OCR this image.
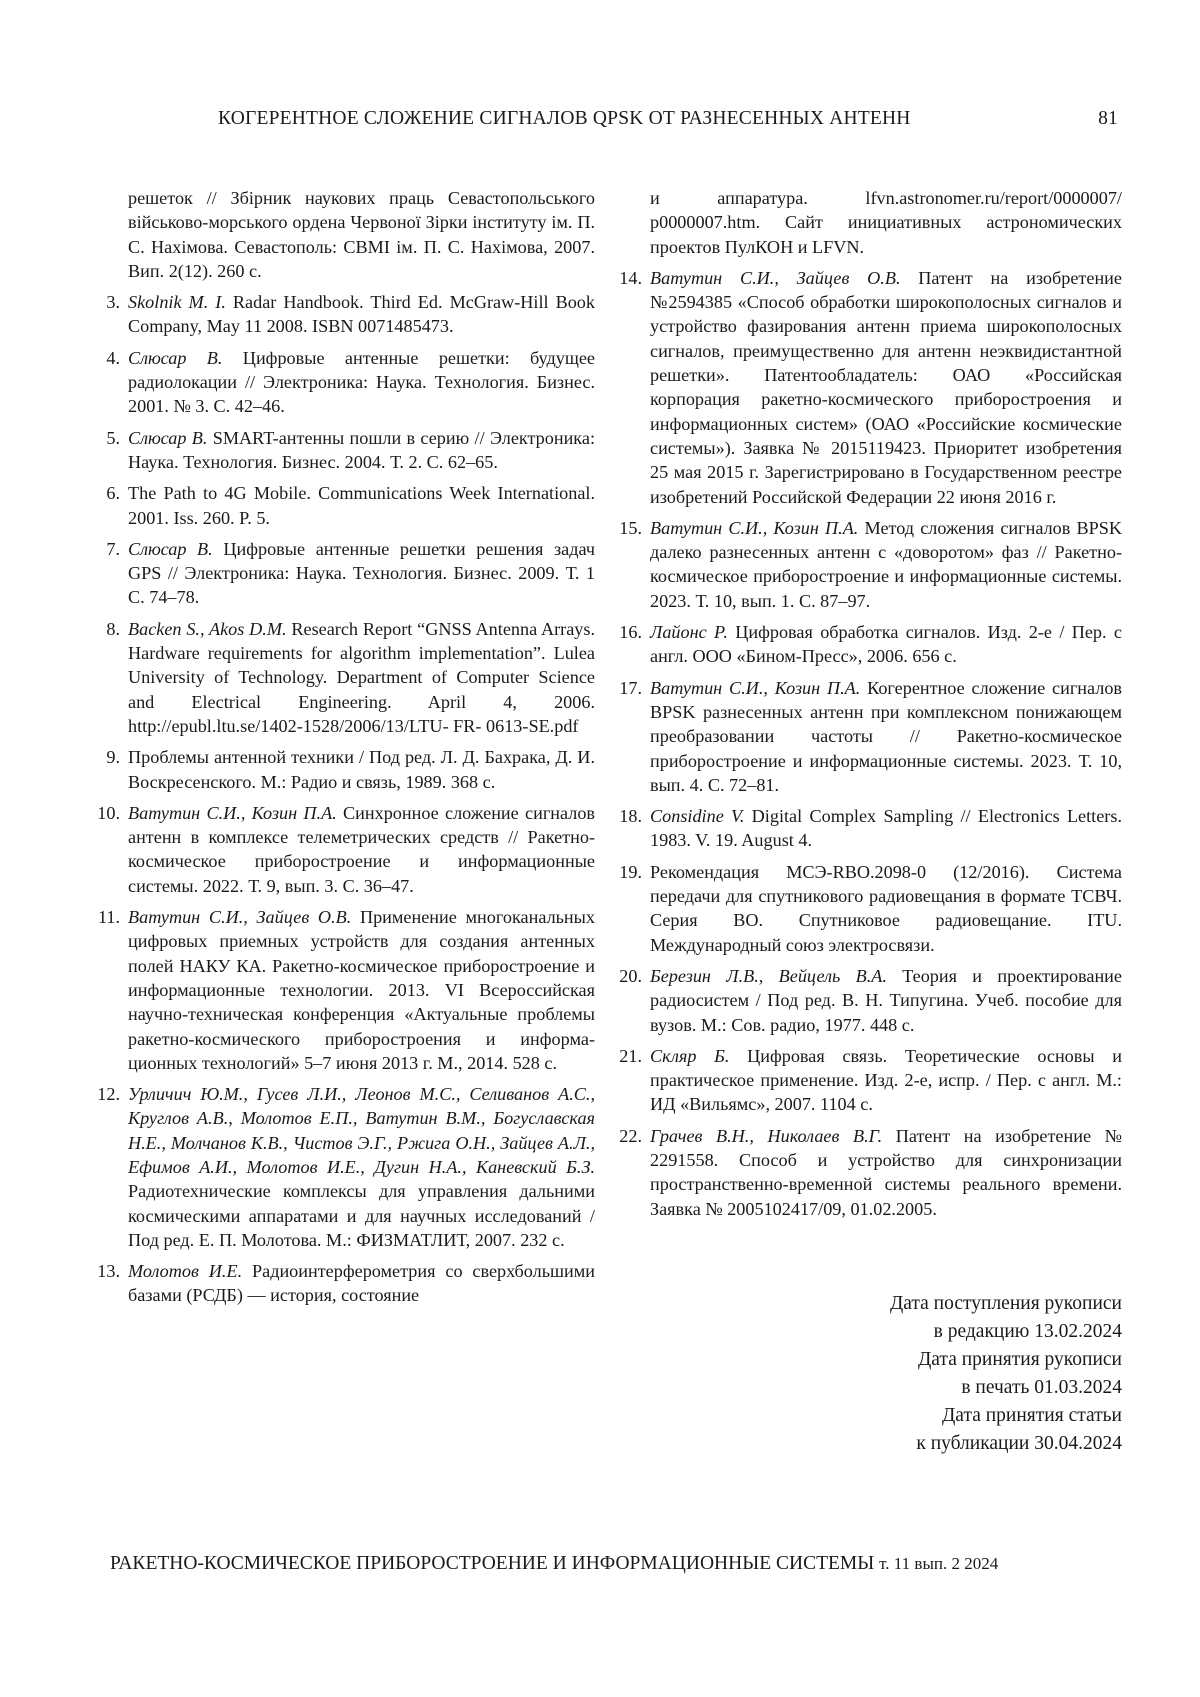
КОГЕРЕНТНОЕ СЛОЖЕНИЕ СИГНАЛОВ QPSK ОТ РАЗНЕСЕННЫХ АНТЕНН	81
решеток // Збірник наукових праць Севастопольського військово-морського ордена Червоної Зірки інституту ім. П. С. Нахімова. Севастополь: СВМІ ім. П. С. Нахімова, 2007. Вип. 2(12). 260 с.
3. Skolnik M. I. Radar Handbook. Third Ed. McGraw-Hill Book Company, May 11 2008. ISBN 0071485473.
4. Слюсар В. Цифровые антенные решетки: будущее радиолокации // Электроника: Наука. Технология. Бизнес. 2001. № 3. С. 42–46.
5. Слюсар В. SMART-антенны пошли в серию // Электроника: Наука. Технология. Бизнес. 2004. Т. 2. С. 62–65.
6. The Path to 4G Mobile. Communications Week International. 2001. Iss. 260. P. 5.
7. Слюсар В. Цифровые антенные решетки решения задач GPS // Электроника: Наука. Технология. Бизнес. 2009. Т. 1 С. 74–78.
8. Backen S., Akos D.M. Research Report “GNSS Antenna Arrays. Hardware requirements for algorithm implementation”. Lulea University of Technology. Department of Computer Science and Electrical Engineering. April 4, 2006. http://epubl.ltu.se/1402-1528/2006/13/LTU- FR- 0613-SE.pdf
9. Проблемы антенной техники / Под ред. Л. Д. Бахрака, Д. И. Воскресенского. М.: Радио и связь, 1989. 368 с.
10. Ватутин С.И., Козин П.А. Синхронное сложение сигналов антенн в комплексе телеметрических средств // Ракетно-космическое приборостроение и информационные системы. 2022. Т. 9, вып. 3. С. 36–47.
11. Ватутин С.И., Зайцев О.В. Применение многоканальных цифровых приемных устройств для создания антенных полей НАКУ КА. Ракетно-космическое приборостроение и информационные технологии. 2013. VI Всероссийская научно-техническая конференция «Актуальные проблемы ракетно-космического приборостроения и информационных технологий» 5–7 июня 2013 г. М., 2014. 528 с.
12. Урличич Ю.М., Гусев Л.И., Леонов М.С., Селиванов А.С., Круглов А.В., Молотов Е.П., Ватутин В.М., Богуславская Н.Е., Молчанов К.В., Чистов Э.Г., Ржига О.Н., Зайцев А.Л., Ефимов А.И., Молотов И.Е., Дугин Н.А., Каневский Б.З. Радиотехнические комплексы для управления дальними космическими аппаратами и для научных исследований / Под ред. Е. П. Молотова. М.: ФИЗМАТЛИТ, 2007. 232 с.
13. Молотов И.Е. Радиоинтерферометрия со сверхбольшими базами (РСДБ) — история, состояние
и аппаратура. lfvn.astronomer.ru/report/0000007/ p0000007.htm. Сайт инициативных астрономических проектов ПулКОН и LFVN.
14. Ватутин С.И., Зайцев О.В. Патент на изобретение №2594385 «Способ обработки широкополосных сигналов и устройство фазирования антенн приема широкополосных сигналов, преимущественно для антенн неэквидистантной решетки». Патентообладатель: ОАО «Российская корпорация ракетно-космического приборостроения и информационных систем» (ОАО «Российские космические системы»). Заявка № 2015119423. Приоритет изобретения 25 мая 2015 г. Зарегистрировано в Государственном реестре изобретений Российской Федерации 22 июня 2016 г.
15. Ватутин С.И., Козин П.А. Метод сложения сигналов BPSK далеко разнесенных антенн с «доворотом» фаз // Ракетно-космическое приборостроение и информационные системы. 2023. Т. 10, вып. 1. С. 87–97.
16. Лайонс Р. Цифровая обработка сигналов. Изд. 2-е / Пер. с англ. ООО «Бином-Пресс», 2006. 656 с.
17. Ватутин С.И., Козин П.А. Когерентное сложение сигналов BPSK разнесенных антенн при комплексном понижающем преобразовании частоты // Ракетно-космическое приборостроение и информационные системы. 2023. Т. 10, вып. 4. С. 72–81.
18. Considine V. Digital Complex Sampling // Electronics Letters. 1983. V. 19. August 4.
19. Рекомендация МСЭ-RBO.2098-0 (12/2016). Система передачи для спутникового радиовещания в формате ТСВЧ. Серия ВО. Спутниковое радиовещание. ITU. Международный союз электросвязи.
20. Березин Л.В., Вейцель В.А. Теория и проектирование радиосистем / Под ред. В. Н. Типугина. Учеб. пособие для вузов. М.: Сов. радио, 1977. 448 с.
21. Скляр Б. Цифровая связь. Теоретические основы и практическое применение. Изд. 2-е, испр. / Пер. с англ. М.: ИД «Вильямс», 2007. 1104 с.
22. Грачев В.Н., Николаев В.Г. Патент на изобретение № 2291558. Способ и устройство для синхронизации пространственно-временной системы реального времени. Заявка № 2005102417/09, 01.02.2005.
Дата поступления рукописи
в редакцию 13.02.2024
Дата принятия рукописи
в печать 01.03.2024
Дата принятия статьи
к публикации 30.04.2024
РАКЕТНО-КОСМИЧЕСКОЕ ПРИБОРОСТРОЕНИЕ И ИНФОРМАЦИОННЫЕ СИСТЕМЫ т. 11 вып. 2 2024
